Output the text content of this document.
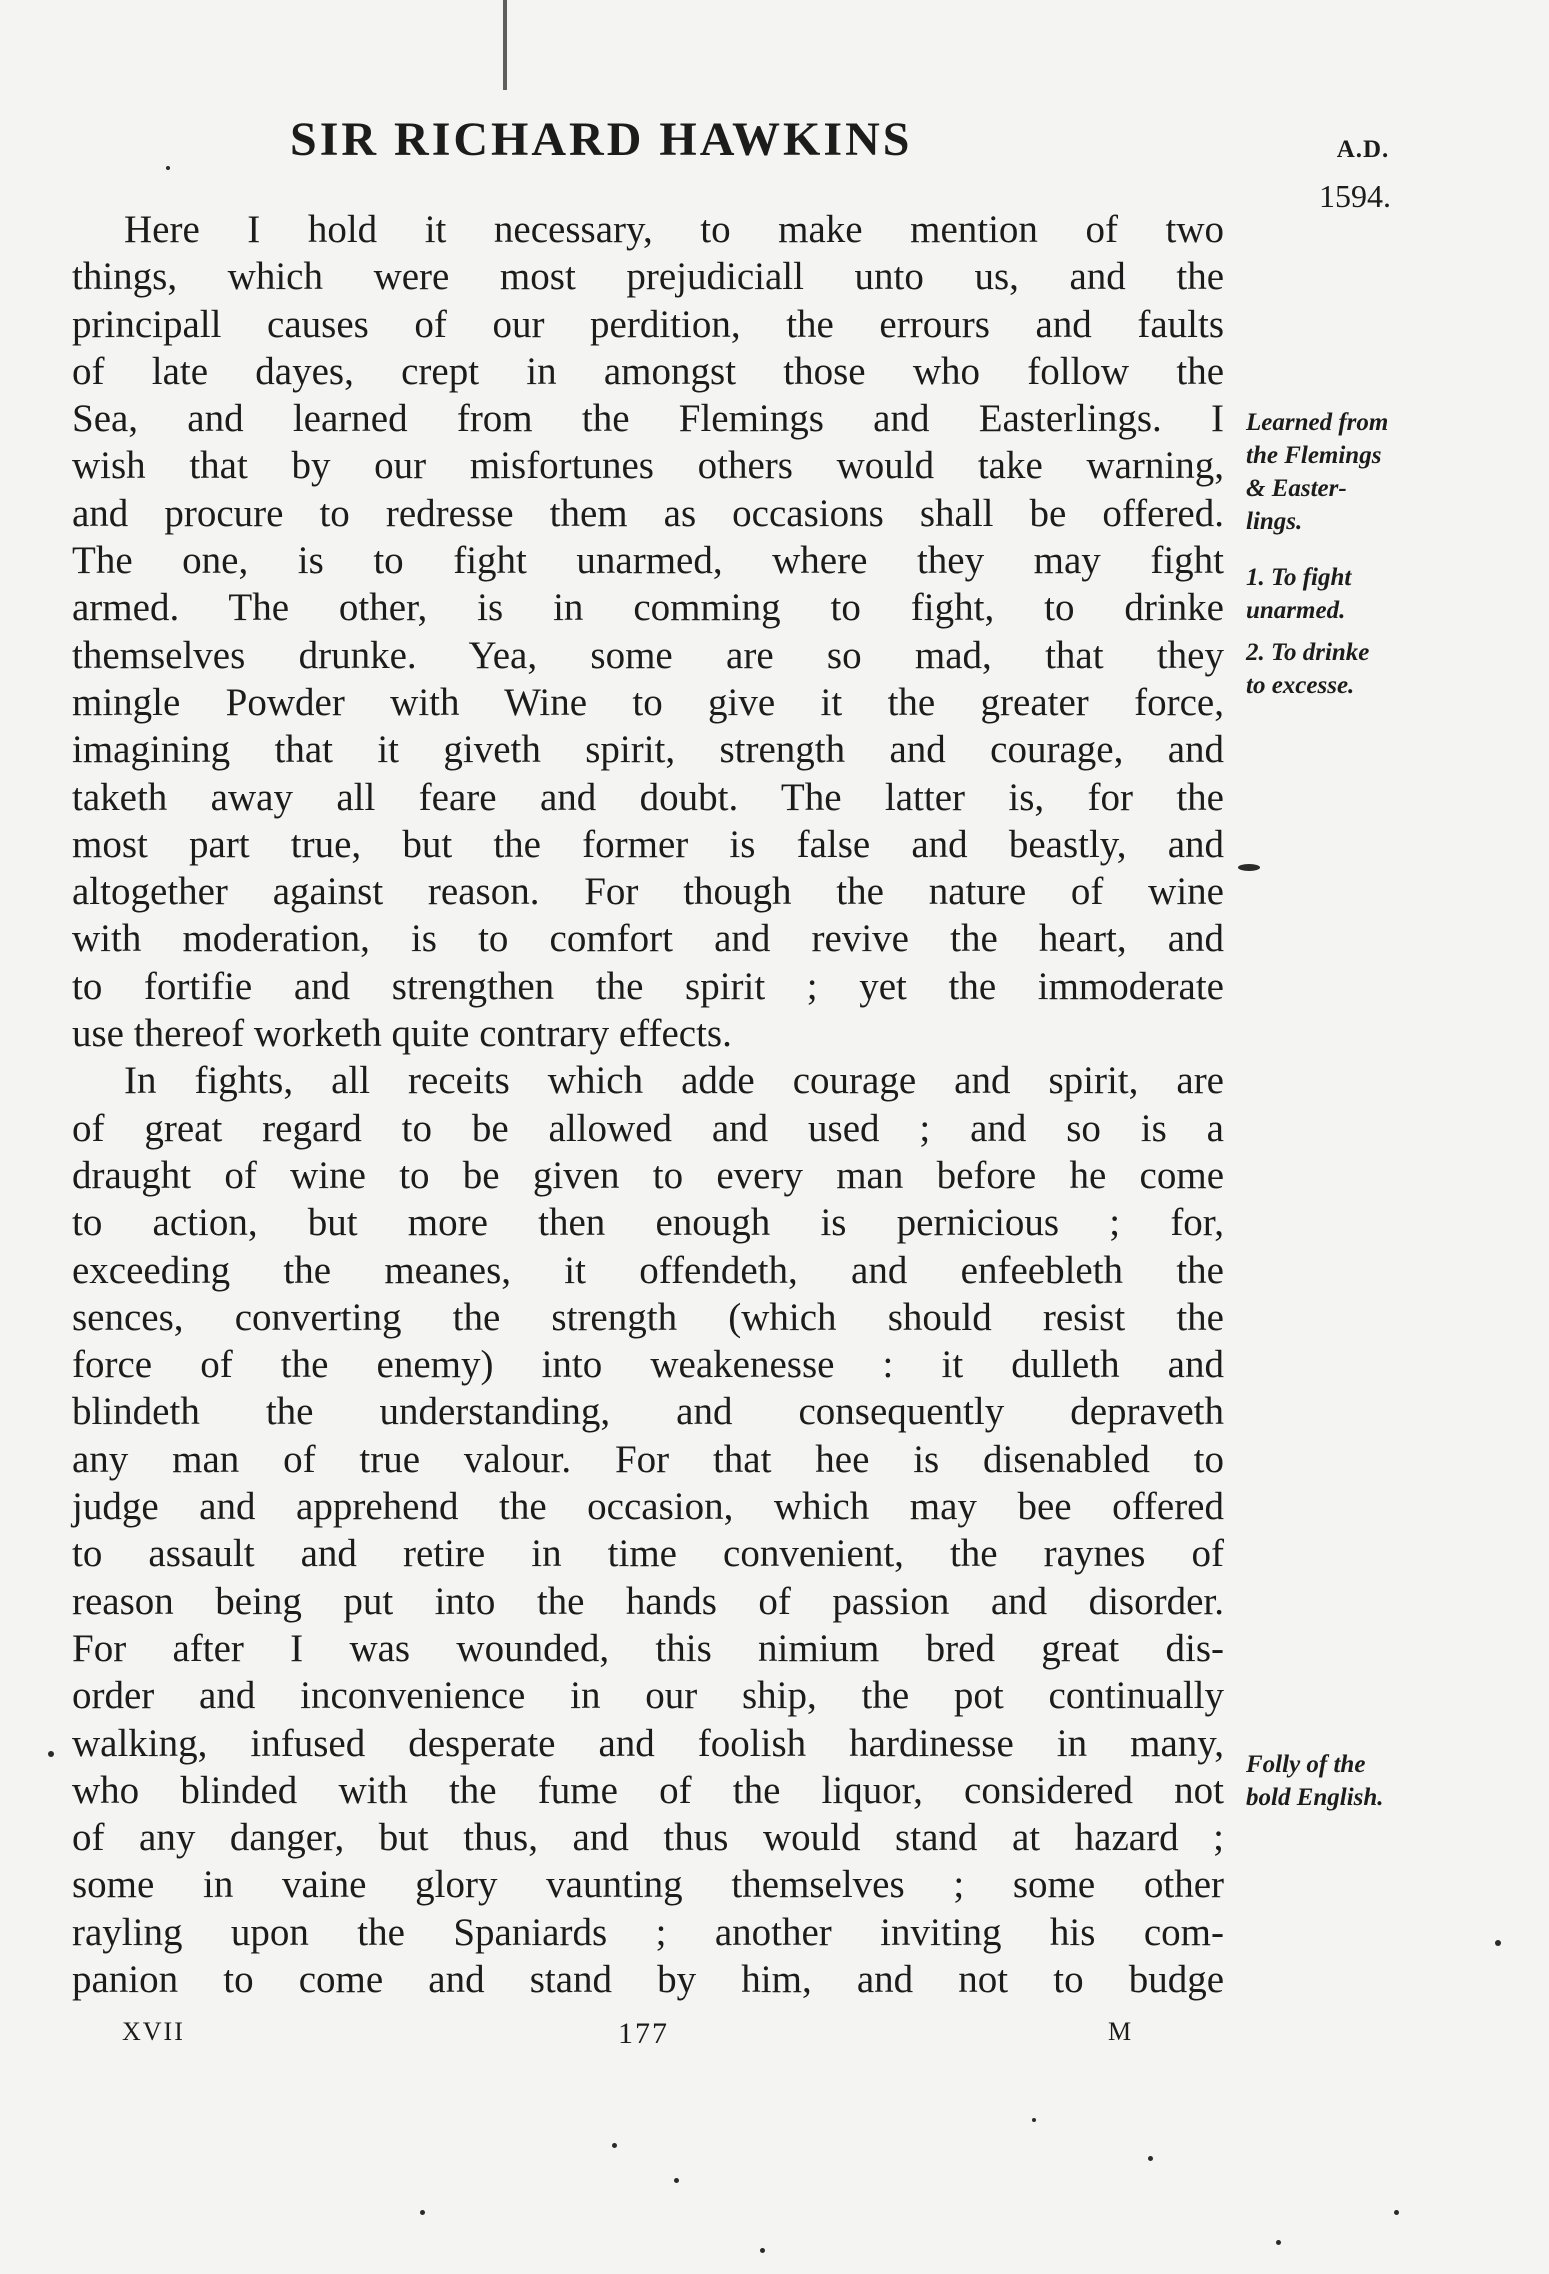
SIR RICHARD HAWKINS	A.D.
1594.
Here I hold it necessary, to make mention of two
things, which were most prejudiciall unto us, and the
principall causes of our perdition, the errours and faults
of late dayes, crept in amongst those who follow the
Sea, and learned from the Flemings and Easterlings. I
wish that by our misfortunes others would take warning,
and procure to redresse them as occasions shall be offered.
The one, is to fight unarmed, where they may fight
armed. The other, is in comming to fight, to drinke
themselves drunke. Yea, some are so mad, that they
mingle Powder with Wine to give it the greater force,
imagining that it giveth spirit, strength and courage, and
taketh away all feare and doubt. The latter is, for the
most part true, but the former is false and beastly, and
altogether against reason. For though the nature of wine
with moderation, is to comfort and revive the heart, and
to fortifie and strengthen the spirit ; yet the immoderate
use thereof worketh quite contrary effects.
In fights, all receits which adde courage and spirit, are
of great regard to be allowed and used ; and so is a
draught of wine to be given to every man before he come
to action, but more then enough is pernicious ; for,
exceeding the meanes, it offendeth, and enfeebleth the
sences, converting the strength (which should resist the
force of the enemy) into weakenesse : it dulleth and
blindeth the understanding, and consequently depraveth
any man of true valour. For that hee is disenabled to
judge and apprehend the occasion, which may bee offered
to assault and retire in time convenient, the raynes of
reason being put into the hands of passion and disorder.
For after I was wounded, this nimium bred great dis-
order and inconvenience in our ship, the pot continually
walking, infused desperate and foolish hardinesse in many,
who blinded with the fume of the liquor, considered not
of any danger, but thus, and thus would stand at hazard ;
some in vaine glory vaunting themselves ; some other
rayling upon the Spaniards ; another inviting his com-
panion to come and stand by him, and not to budge
Learned from
the Flemings
& Easter-
lings.
1. To fight
unarmed.
2. To drinke
to excesse.
Folly of the
bold English.
XVII	177	M
